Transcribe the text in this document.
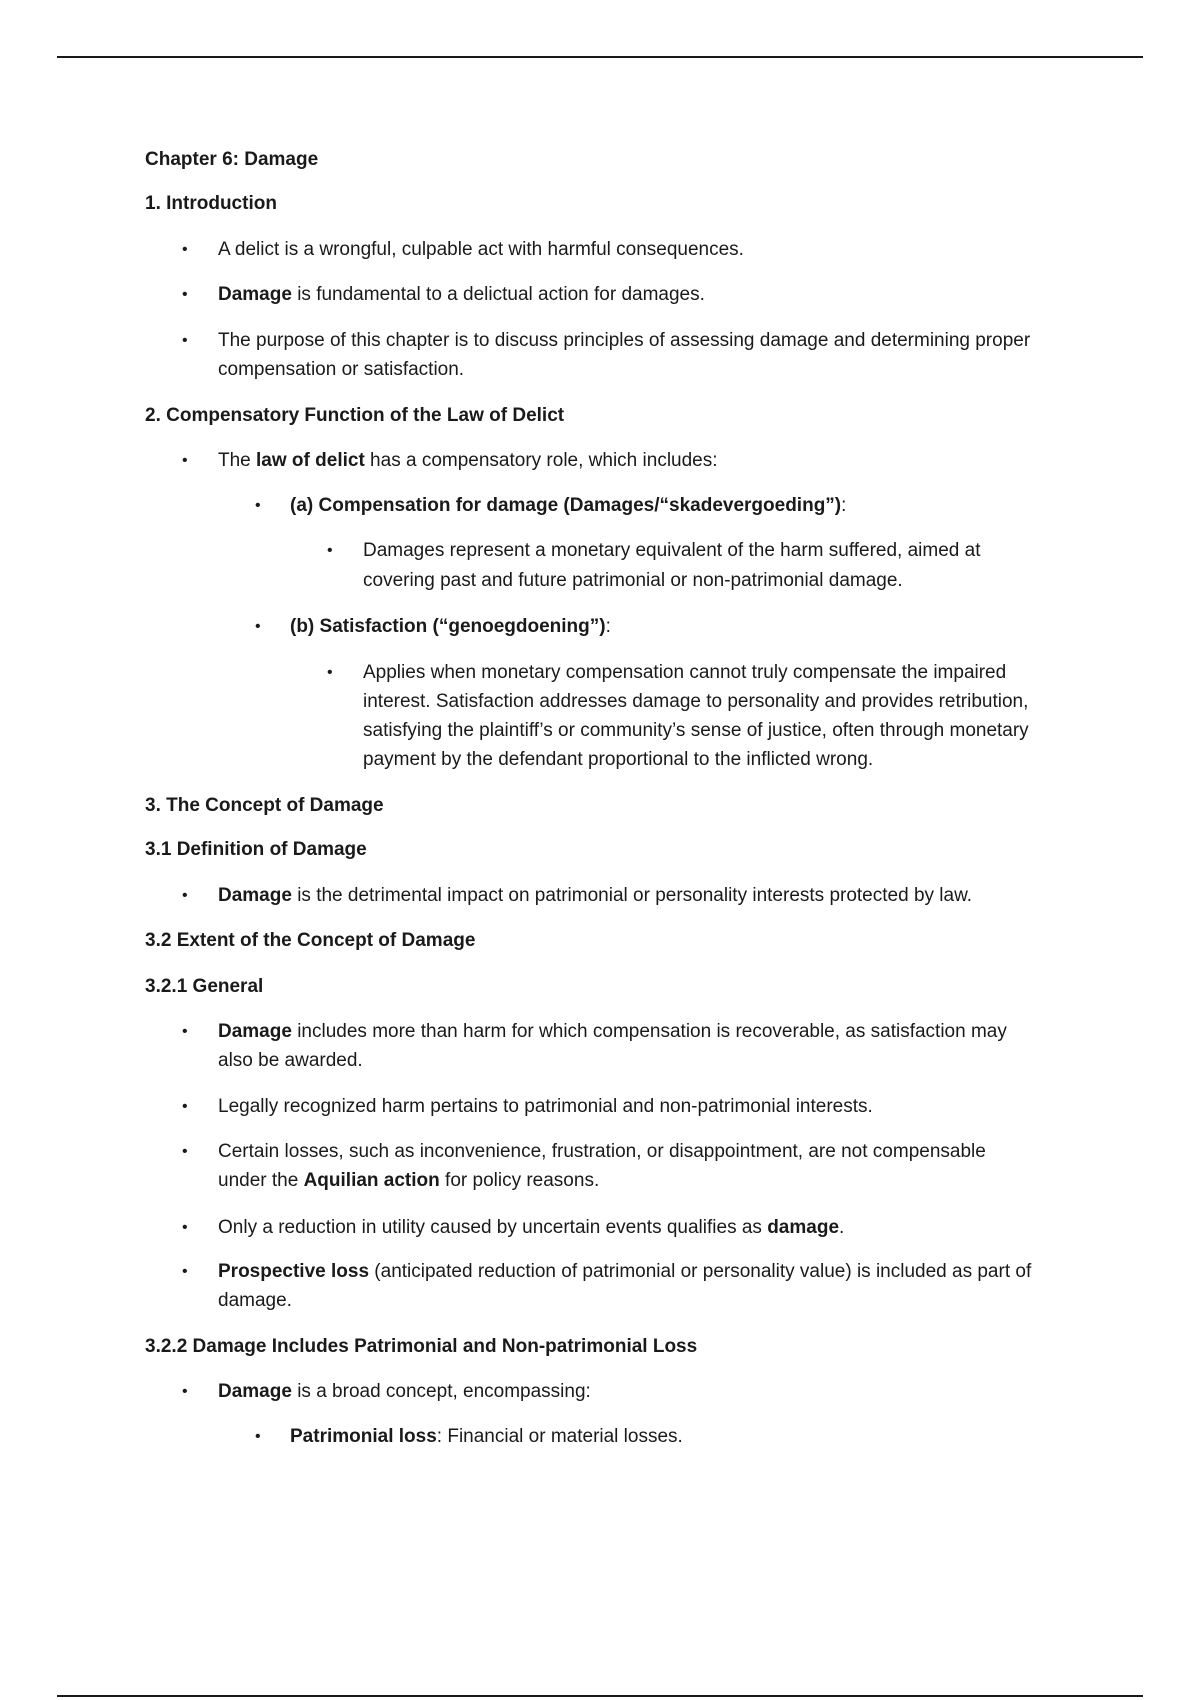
Chapter 6: Damage
1. Introduction
• A delict is a wrongful, culpable act with harmful consequences.
• Damage is fundamental to a delictual action for damages.
• The purpose of this chapter is to discuss principles of assessing damage and determining proper
compensation or satisfaction.
2. Compensatory Function of the Law of Delict
• The law of delict has a compensatory role, which includes:
• (a) Compensation for damage (Damages/“skadevergoeding”):
• Damages represent a monetary equivalent of the harm suffered, aimed at
covering past and future patrimonial or non-patrimonial damage.
• (b) Satisfaction (“genoegdoening”):
• Applies when monetary compensation cannot truly compensate the impaired
interest. Satisfaction addresses damage to personality and provides retribution,
satisfying the plaintiff’s or community’s sense of justice, often through monetary
payment by the defendant proportional to the inflicted wrong.
3. The Concept of Damage
3.1 Definition of Damage
• Damage is the detrimental impact on patrimonial or personality interests protected by law.
3.2 Extent of the Concept of Damage
3.2.1 General
• Damage includes more than harm for which compensation is recoverable, as satisfaction may
also be awarded.
• Legally recognized harm pertains to patrimonial and non-patrimonial interests.
• Certain losses, such as inconvenience, frustration, or disappointment, are not compensable
under the Aquilian action for policy reasons.
• Only a reduction in utility caused by uncertain events qualifies as damage.
• Prospective loss (anticipated reduction of patrimonial or personality value) is included as part of
damage.
3.2.2 Damage Includes Patrimonial and Non-patrimonial Loss
• Damage is a broad concept, encompassing:
• Patrimonial loss: Financial or material losses.
